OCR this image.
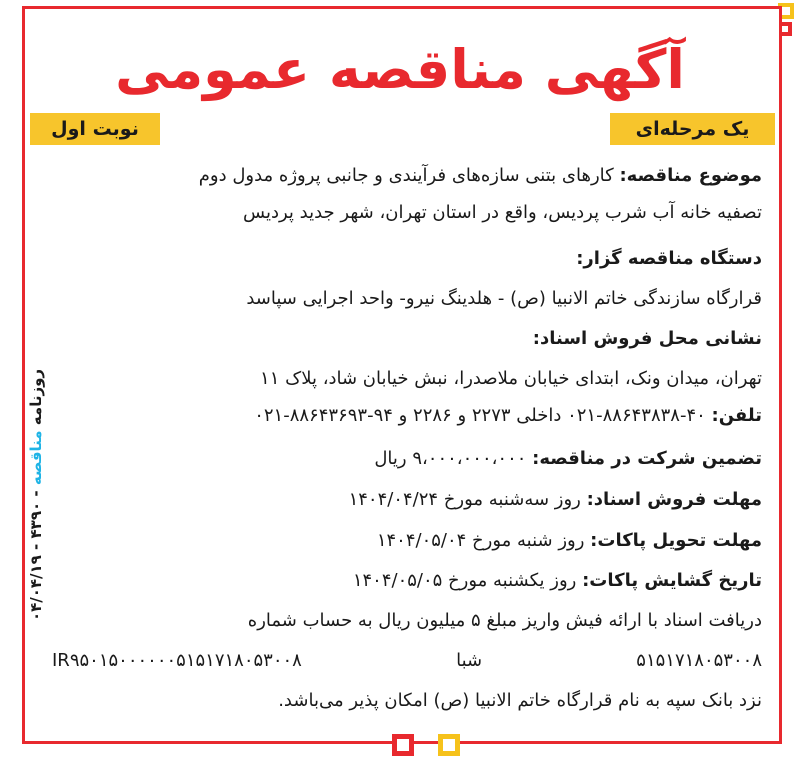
آگهی مناقصه عمومی
نوبت اول	یک مرحله‌ای
موضوع مناقصه: کارهای بتنی سازه‌های فرآیندی و جانبی پروژه مدول دوم
تصفیه خانه آب شرب پردیس، واقع در استان تهران، شهر جدید پردیس
دستگاه مناقصه گزار:
قرارگاه سازندگی خاتم الانبیا (ص) - هلدینگ نیرو- واحد اجرایی سپاسد
نشانی محل فروش اسناد:
تهران، میدان ونک، ابتدای خیابان ملاصدرا، نبش خیابان شاد، پلاک ۱۱
تلفن: ۴۰-۸۸۶۴۳۸۳۸-۰۲۱ داخلی ۲۲۷۳ و ۲۲۸۶ و ۹۴-۸۸۶۴۳۶۹۳-۰۲۱
تضمین شرکت در مناقصه: ۹،۰۰۰،۰۰۰،۰۰۰ ریال
مهلت فروش اسناد: روز سه‌شنبه مورخ ۱۴۰۴/۰۴/۲۴
مهلت تحویل پاکات: روز شنبه مورخ ۱۴۰۴/۰۵/۰۴
تاریخ گشایش پاکات: روز یکشنبه مورخ ۱۴۰۴/۰۵/۰۵
دریافت اسناد با ارائه فیش واریز مبلغ ۵ میلیون ریال به حساب شماره
۵۱۵۱۷۱۸۰۵۳۰۰۸ شبا IR۹۵۰۱۵۰۰۰۰۰۰۵۱۵۱۷۱۸۰۵۳۰۰۸
نزد بانک سپه به نام قرارگاه خاتم الانبیا (ص) امکان پذیر می‌باشد.
روزنامه مناقصه - ۴۳۹۰ - ۰۴/۰۴/۱۹
